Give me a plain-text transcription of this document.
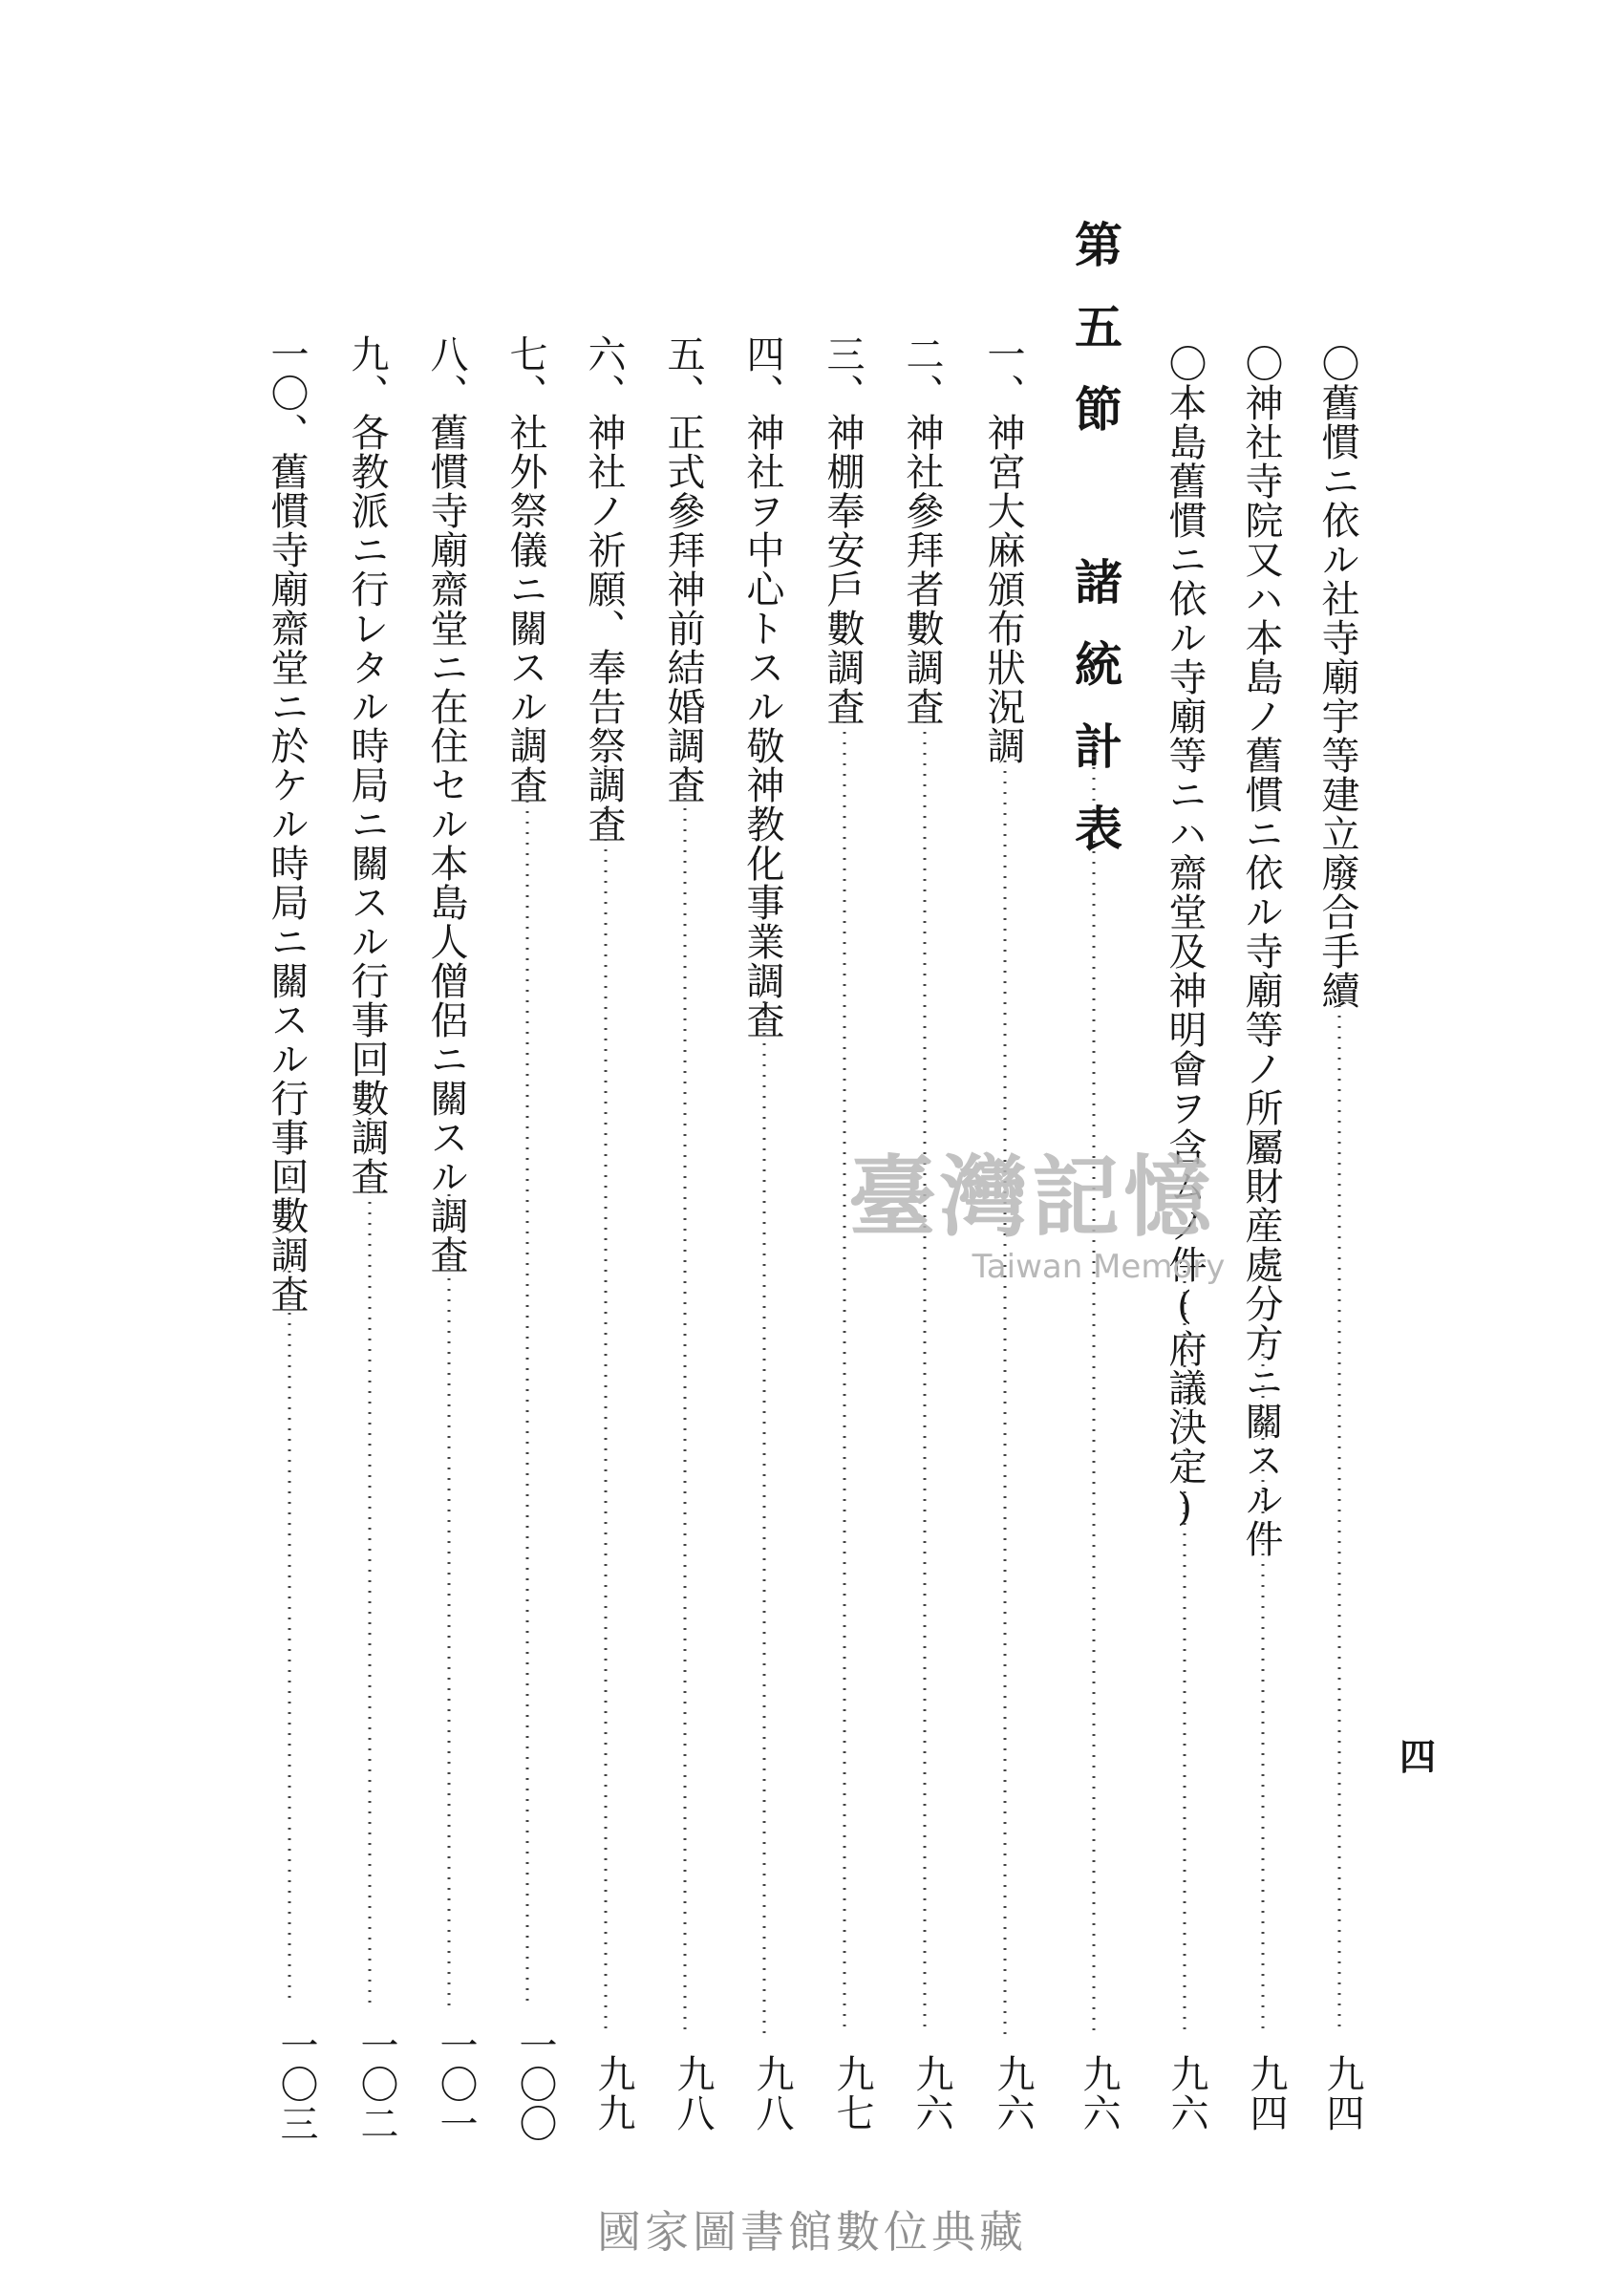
四
〇舊慣ニ依ル社寺廟宇等建立廢合手續
〇神社寺院又ハ本島ノ舊慣ニ依ル寺廟等ノ所屬財産處分方ニ關スル件
〇本島舊慣ニ依ル寺廟等ニハ齋堂及神明會ヲ含ムノ件(府議決定)
第五節 諸統計表
一、神宮大麻頒布狀況調
二、神社參拜者數調査
三、神棚奉安戶數調査
四、神社ヲ中心トスル敬神教化事業調査
五、正式參拜神前結婚調査
六、神社ノ祈願、奉告祭調査
七、社外祭儀ニ關スル調査
八、舊慣寺廟齋堂ニ在住セル本島人僧侶ニ關スル調査
九、各教派ニ行レタル時局ニ關スル行事回數調査
一〇、舊慣寺廟齋堂ニ於ケル時局ニ關スル行事回數調査
九四
九四
九六
九六
九六
九六
九七
九八
九八
九九
一〇〇
一〇一
一〇二
一〇三
臺灣記憶
Taiwan Memory
國家圖書館數位典藏
